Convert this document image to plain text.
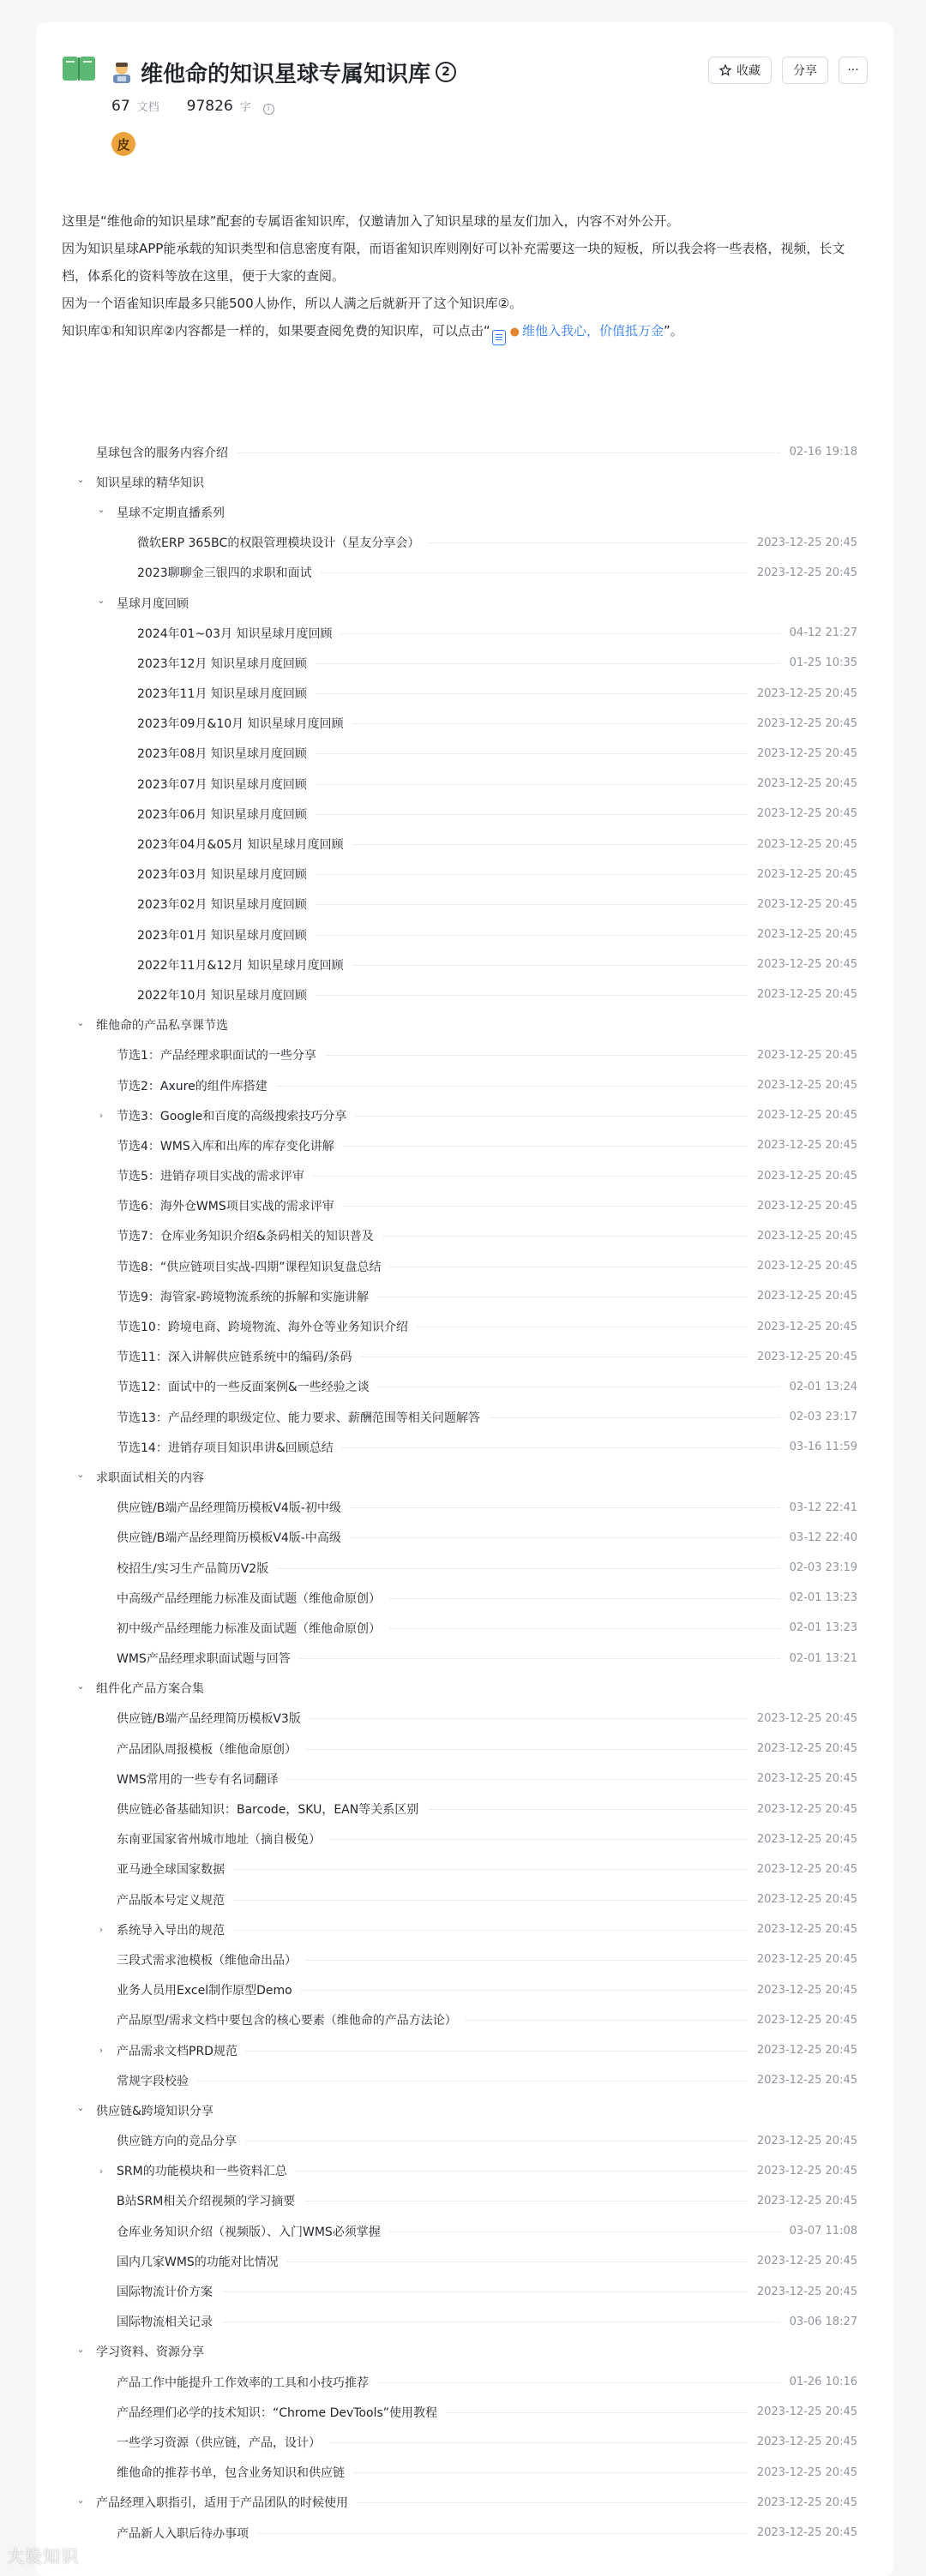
维他命的知识星球专属知识库 2	收藏	分享	···
67 文档 97826 字	i
皮

这里是“维他命的知识星球”配套的专属语雀知识库，仅邀请加入了知识星球的星友们加入，内容不对外公开。

因为知识星球APP能承载的知识类型和信息密度有限，而语雀知识库则刚好可以补充需要这一块的短板，所以我会将一些表格，视频，长文档，体系化的资料等放在这里，便于大家的查阅。

因为一个语雀知识库最多只能500人协作，所以人满之后就新开了这个知识库②。

知识库①和知识库②内容都是一样的，如果要查阅免费的知识库，可以点击“ ● 维他入我心，价值抵万金”。

星球包含的服务内容介绍	02-16 19:18
⌄ 知识星球的精华知识
⌄ 星球不定期直播系列
微软ERP 365BC的权限管理模块设计（星友分享会）	2023-12-25 20:45
2023聊聊金三银四的求职和面试	2023-12-25 20:45
⌄ 星球月度回顾
2024年01~03月 知识星球月度回顾	04-12 21:27
2023年12月 知识星球月度回顾	01-25 10:35
2023年11月 知识星球月度回顾	2023-12-25 20:45
2023年09月&10月 知识星球月度回顾	2023-12-25 20:45
2023年08月 知识星球月度回顾	2023-12-25 20:45
2023年07月 知识星球月度回顾	2023-12-25 20:45
2023年06月 知识星球月度回顾	2023-12-25 20:45
2023年04月&05月 知识星球月度回顾	2023-12-25 20:45
2023年03月 知识星球月度回顾	2023-12-25 20:45
2023年02月 知识星球月度回顾	2023-12-25 20:45
2023年01月 知识星球月度回顾	2023-12-25 20:45
2022年11月&12月 知识星球月度回顾	2023-12-25 20:45
2022年10月 知识星球月度回顾	2023-12-25 20:45
⌄ 维他命的产品私享课节选
节选1：产品经理求职面试的一些分享	2023-12-25 20:45
节选2：Axure的组件库搭建	2023-12-25 20:45
› 节选3：Google和百度的高级搜索技巧分享	2023-12-25 20:45
节选4：WMS入库和出库的库存变化讲解	2023-12-25 20:45
节选5：进销存项目实战的需求评审	2023-12-25 20:45
节选6：海外仓WMS项目实战的需求评审	2023-12-25 20:45
节选7：仓库业务知识介绍&条码相关的知识普及	2023-12-25 20:45
节选8：“供应链项目实战-四期”课程知识复盘总结	2023-12-25 20:45
节选9：海管家-跨境物流系统的拆解和实施讲解	2023-12-25 20:45
节选10：跨境电商、跨境物流、海外仓等业务知识介绍	2023-12-25 20:45
节选11：深入讲解供应链系统中的编码/条码	2023-12-25 20:45
节选12：面试中的一些反面案例&一些经验之谈	02-01 13:24
节选13：产品经理的职级定位、能力要求、薪酬范围等相关问题解答	02-03 23:17
节选14：进销存项目知识串讲&回顾总结	03-16 11:59
⌄ 求职面试相关的内容
供应链/B端产品经理简历模板V4版-初中级	03-12 22:41
供应链/B端产品经理简历模板V4版-中高级	03-12 22:40
校招生/实习生产品简历V2版	02-03 23:19
中高级产品经理能力标准及面试题（维他命原创）	02-01 13:23
初中级产品经理能力标准及面试题（维他命原创）	02-01 13:23
WMS产品经理求职面试题与回答	02-01 13:21
⌄ 组件化产品方案合集
供应链/B端产品经理简历模板V3版	2023-12-25 20:45
产品团队周报模板（维他命原创）	2023-12-25 20:45
WMS常用的一些专有名词翻译	2023-12-25 20:45
供应链必备基础知识：Barcode，SKU，EAN等关系区别	2023-12-25 20:45
东南亚国家省州城市地址（摘自极兔）	2023-12-25 20:45
亚马逊全球国家数据	2023-12-25 20:45
产品版本号定义规范	2023-12-25 20:45
› 系统导入导出的规范	2023-12-25 20:45
三段式需求池模板（维他命出品）	2023-12-25 20:45
业务人员用Excel制作原型Demo	2023-12-25 20:45
产品原型/需求文档中要包含的核心要素（维他命的产品方法论）	2023-12-25 20:45
› 产品需求文档PRD规范	2023-12-25 20:45
常规字段校验	2023-12-25 20:45
⌄ 供应链&跨境知识分享
供应链方向的竞品分享	2023-12-25 20:45
› SRM的功能模块和一些资料汇总	2023-12-25 20:45
B站SRM相关介绍视频的学习摘要	2023-12-25 20:45
仓库业务知识介绍（视频版）、入门WMS必须掌握	03-07 11:08
国内几家WMS的功能对比情况	2023-12-25 20:45
国际物流计价方案	2023-12-25 20:45
国际物流相关记录	03-06 18:27
⌄ 学习资料、资源分享
产品工作中能提升工作效率的工具和小技巧推荐	01-26 10:16
产品经理们必学的技术知识：“Chrome DevTools”使用教程	2023-12-25 20:45
一些学习资源（供应链，产品，设计）	2023-12-25 20:45
维他命的推荐书单，包含业务知识和供应链	2023-12-25 20:45
⌄ 产品经理入职指引，适用于产品团队的时候使用	2023-12-25 20:45
产品新人入职后待办事项	2023-12-25 20:45
大设知识
